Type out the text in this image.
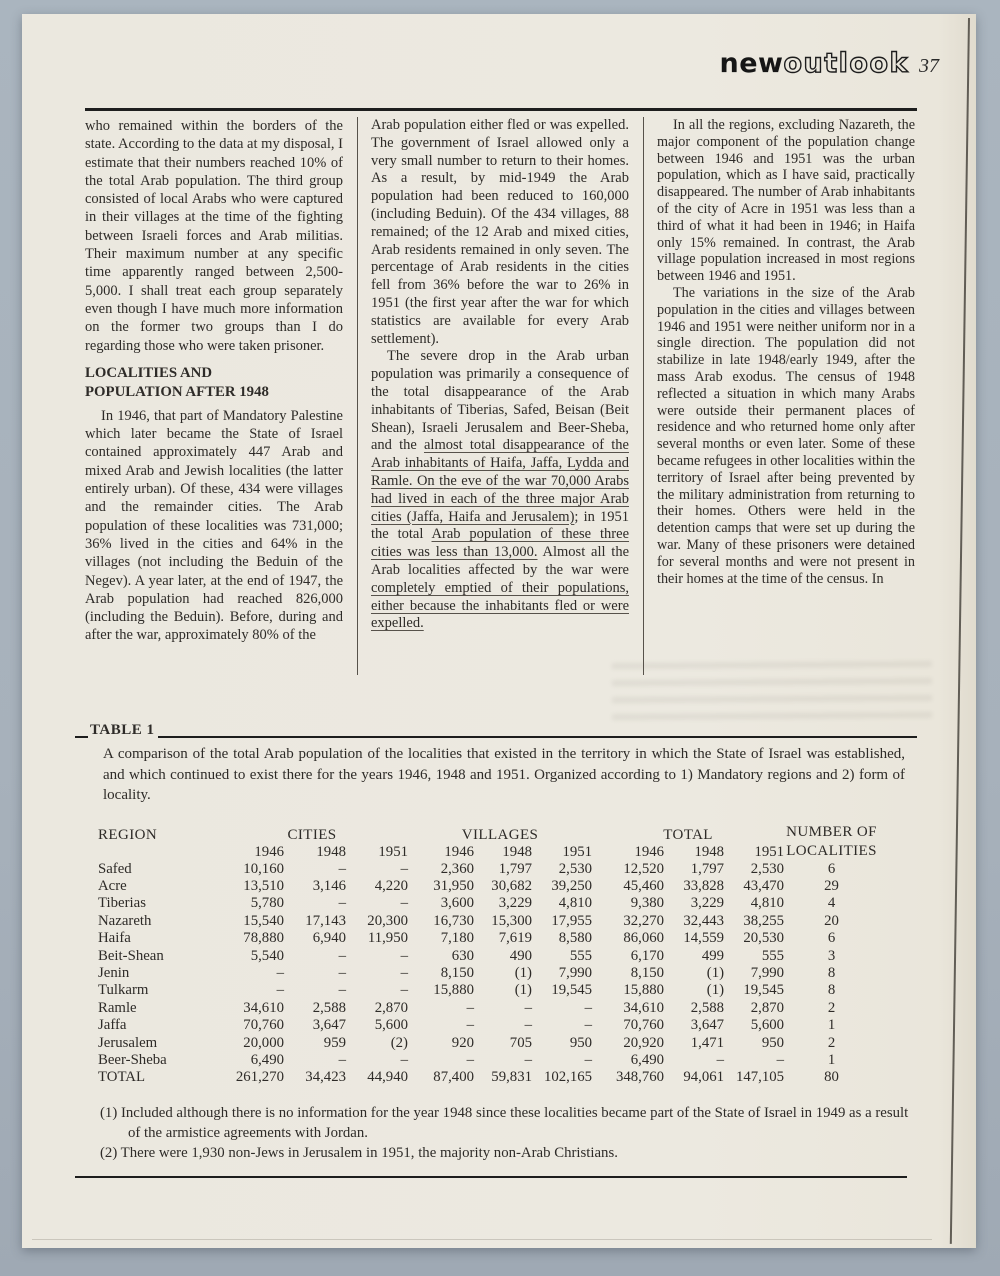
new outlook 37

who remained within the borders of the state. According to the data at my disposal, I estimate that their numbers reached 10% of the total Arab population. The third group consisted of local Arabs who were captured in their villages at the time of the fighting between Israeli forces and Arab militias. Their maximum number at any specific time apparently ranged between 2,500-5,000. I shall treat each group separately even though I have much more information on the former two groups than I do regarding those who were taken prisoner.

LOCALITIES AND
POPULATION AFTER 1948

In 1946, that part of Mandatory Palestine which later became the State of Israel contained approximately 447 Arab and mixed Arab and Jewish localities (the latter entirely urban). Of these, 434 were villages and the remainder cities. The Arab population of these localities was 731,000; 36% lived in the cities and 64% in the villages (not including the Beduin of the Negev). A year later, at the end of 1947, the Arab population had reached 826,000 (including the Beduin). Before, during and after the war, approximately 80% of the

Arab population either fled or was expelled. The government of Israel allowed only a very small number to return to their homes. As a result, by mid-1949 the Arab population had been reduced to 160,000 (including Beduin). Of the 434 villages, 88 remained; of the 12 Arab and mixed cities, Arab residents remained in only seven. The percentage of Arab residents in the cities fell from 36% before the war to 26% in 1951 (the first year after the war for which statistics are available for every Arab settlement).

The severe drop in the Arab urban population was primarily a consequence of the total disappearance of the Arab inhabitants of Tiberias, Safed, Beisan (Beit Shean), Israeli Jerusalem and Beer-Sheba, and the almost total disappearance of the Arab inhabitants of Haifa, Jaffa, Lydda and Ramle. On the eve of the war 70,000 Arabs had lived in each of the three major Arab cities (Jaffa, Haifa and Jerusalem); in 1951 the total Arab population of these three cities was less than 13,000. Almost all the Arab localities affected by the war were completely emptied of their populations, either because the inhabitants fled or were expelled.

In all the regions, excluding Nazareth, the major component of the population change between 1946 and 1951 was the urban population, which as I have said, practically disappeared. The number of Arab inhabitants of the city of Acre in 1951 was less than a third of what it had been in 1946; in Haifa only 15% remained. In contrast, the Arab village population increased in most regions between 1946 and 1951.

The variations in the size of the Arab population in the cities and villages between 1946 and 1951 were neither uniform nor in a single direction. The population did not stabilize in late 1948/early 1949, after the mass Arab exodus. The census of 1948 reflected a situation in which many Arabs were outside their permanent places of residence and who returned home only after several months or even later. Some of these became refugees in other localities within the territory of Israel after being prevented by the military administration from returning to their homes. Others were held in the detention camps that were set up during the war. Many of these prisoners were detained for several months and were not present in their homes at the time of the census. In

TABLE 1
A comparison of the total Arab population of the localities that existed in the territory in which the State of Israel was established, and which continued to exist there for the years 1946, 1948 and 1951. Organized according to 1) Mandatory regions and 2) form of locality.
REGION	CITIES			VILLAGES			TOTAL			NUMBER OF
LOCALITIES

	1946	1948	1951	1946	1948	1951	1946	1948	1951	
Safed	10,160	–	–	2,360	1,797	2,530	12,520	1,797	2,530	6
Acre	13,510	3,146	4,220	31,950	30,682	39,250	45,460	33,828	43,470	29
Tiberias	5,780	–	–	3,600	3,229	4,810	9,380	3,229	4,810	4
Nazareth	15,540	17,143	20,300	16,730	15,300	17,955	32,270	32,443	38,255	20
Haifa	78,880	6,940	11,950	7,180	7,619	8,580	86,060	14,559	20,530	6
Beit-Shean	5,540	–	–	630	490	555	6,170	499	555	3
Jenin	–	–	–	8,150	(1)	7,990	8,150	(1)	7,990	8
Tulkarm	–	–	–	15,880	(1)	19,545	15,880	(1)	19,545	8
Ramle	34,610	2,588	2,870	–	–	–	34,610	2,588	2,870	2
Jaffa	70,760	3,647	5,600	–	–	–	70,760	3,647	5,600	1
Jerusalem	20,000	959	(2)	920	705	950	20,920	1,471	950	2
Beer-Sheba	6,490	–	–	–	–	–	6,490	–	–	1
TOTAL	261,270	34,423	44,940	87,400	59,831	102,165	348,760	94,061	147,105	80

(1) Included although there is no information for the year 1948 since these localities became part of the State of Israel in 1949 as a result of the armistice agreements with Jordan.

(2) There were 1,930 non-Jews in Jerusalem in 1951, the majority non-Arab Christians.
